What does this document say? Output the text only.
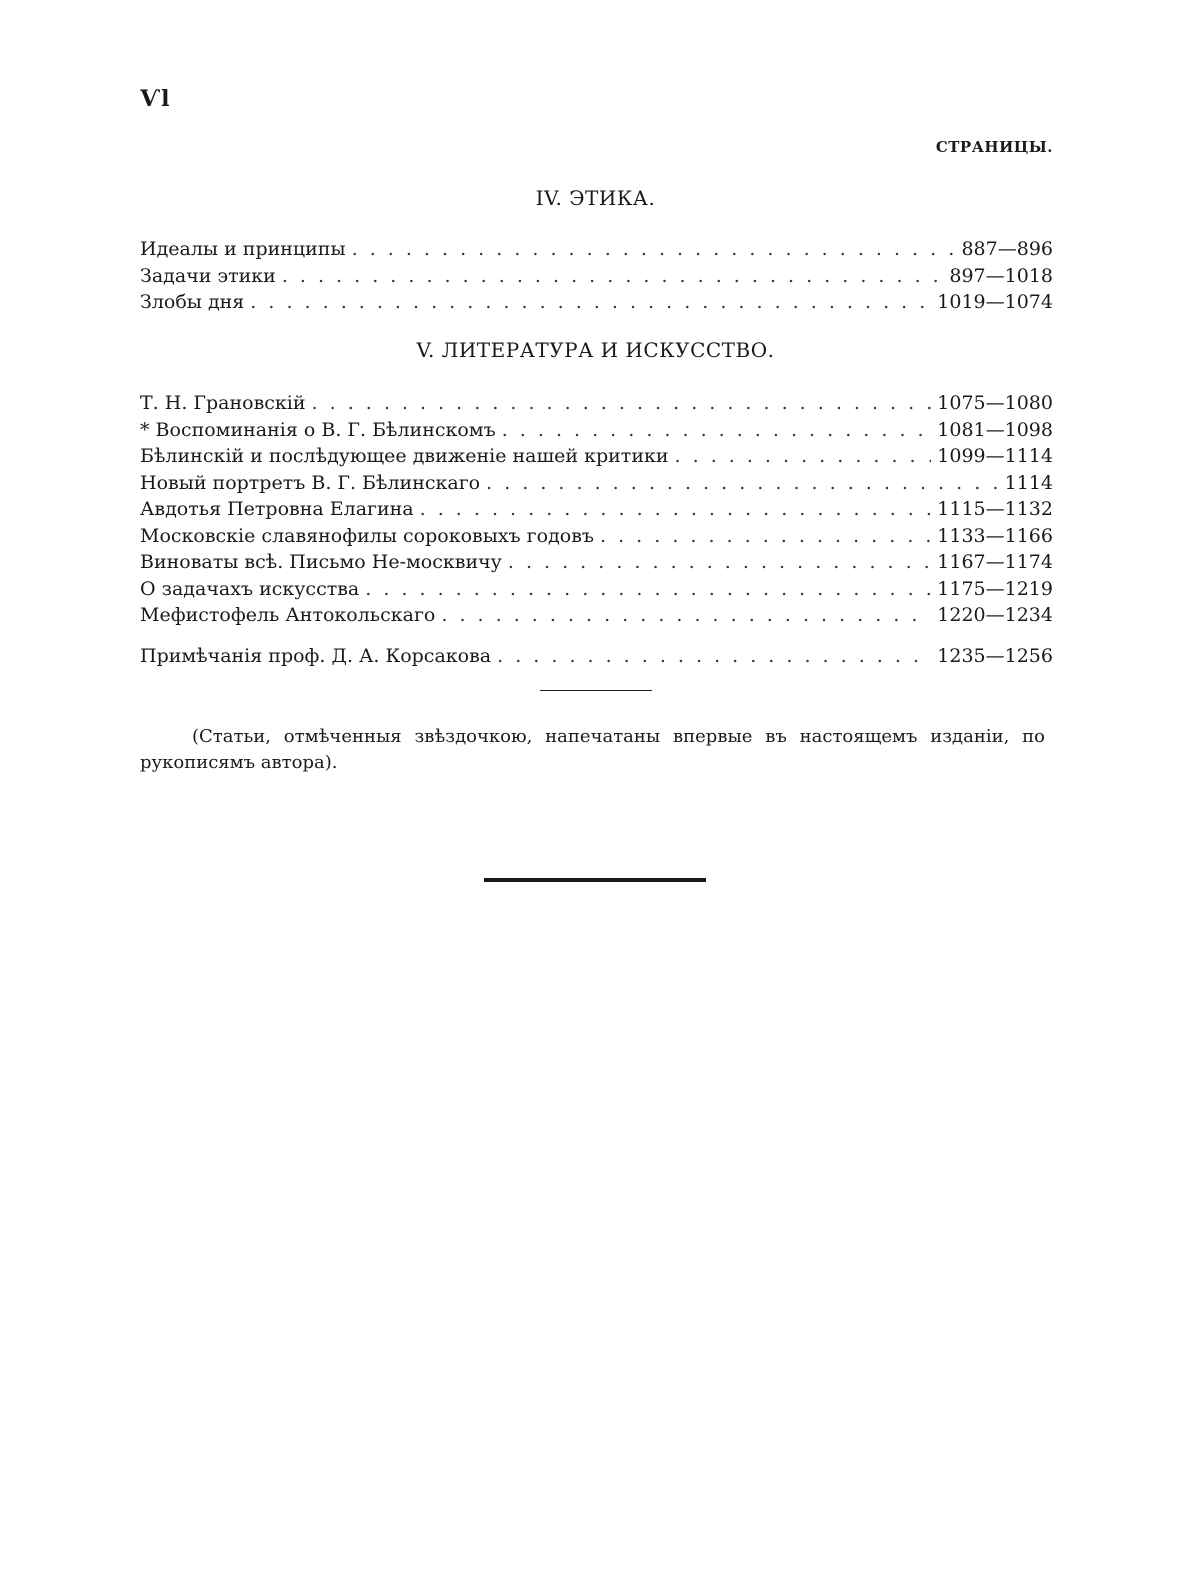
Ѵl
СТРАНИЦЫ.
IV. ЭТИКА.
Идеалы и принципы . . .	887—896
Задачи этики . . .	897—1018
Злобы дня . . .	1019—1074
V. ЛИТЕРАТУРА И ИСКУССТВО.
Т. Н. Грановскій . . .	1075—1080
* Воспоминанія о В. Г. Бѣлинскомъ . . .	1081—1098
Бѣлинскій и послѣдующее движеніе нашей критики . . .	1099—1114
Новый портретъ В. Г. Бѣлинскаго . . .	1114
Авдотья Петровна Елагина . . .	1115—1132
Московскіе славянофилы сороковыхъ годовъ . . .	1133—1166
Виноваты всѣ. Письмо Не-москвичу . . .	1167—1174
О задачахъ искусства . . .	1175—1219
Мефистофель Антокольскаго . . .	1220—1234
Примѣчанія проф. Д. А. Корсакова . . .	1235—1256
(Статьи, отмѣченныя звѣздочкою, напечатаны впервые въ настоящемъ изданіи, по рукописямъ автора).
